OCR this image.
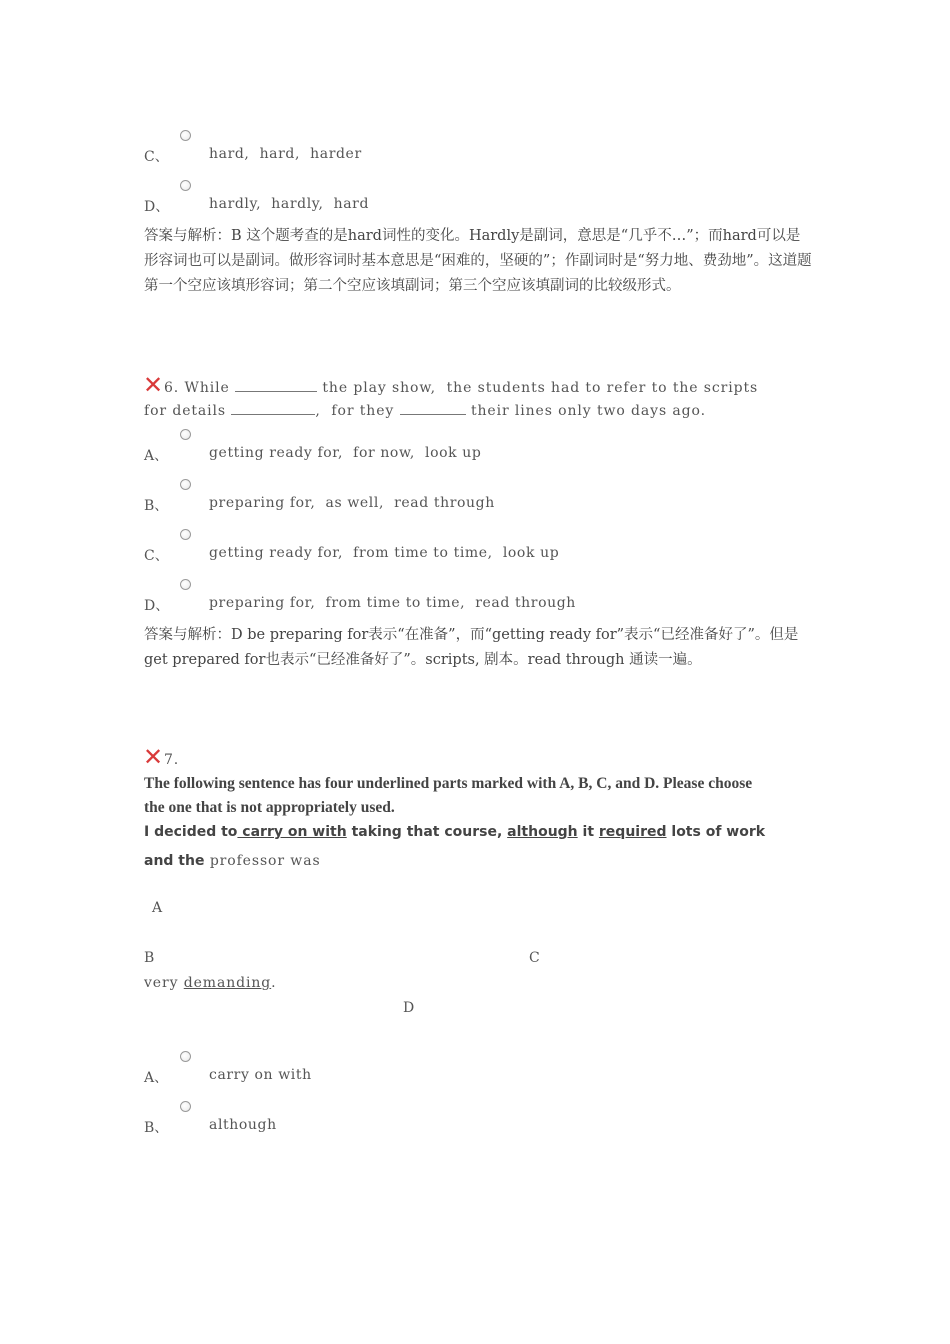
C、	hard,  hard,  harder
D、	hardly,  hardly,  hard
答案与解析：B 这个题考查的是hard词性的变化。Hardly是副词，意思是“几乎不…”；而hard可以是形容词也可以是副词。做形容词时基本意思是“困难的，坚硬的”；作副词时是“努力地、费劲地”。这道题第一个空应该填形容词；第二个空应该填副词；第三个空应该填副词的比较级形式。
✕ 6. While	the play show,  the students had to refer to the scripts
for details	,  for they	their lines only two days ago.
A、	getting ready for,  for now,  look up
B、	preparing for,  as well,  read through
C、	getting ready for,  from time to time,  look up
D、	preparing for,  from time to time,  read through
答案与解析：D be preparing for表示“在准备”，而“getting ready for”表示“已经准备好了”。但是get prepared for也表示“已经准备好了”。scripts, 剧本。read through 通读一遍。
✕ 7.
The following sentence has four underlined parts marked with A, B, C, and D. Please choose
the one that is not appropriately used.
I decided to carry on with taking that course, although it required lots of work
and the professor was
A
B	C
very demanding.
D
A、	carry on with
B、	although
